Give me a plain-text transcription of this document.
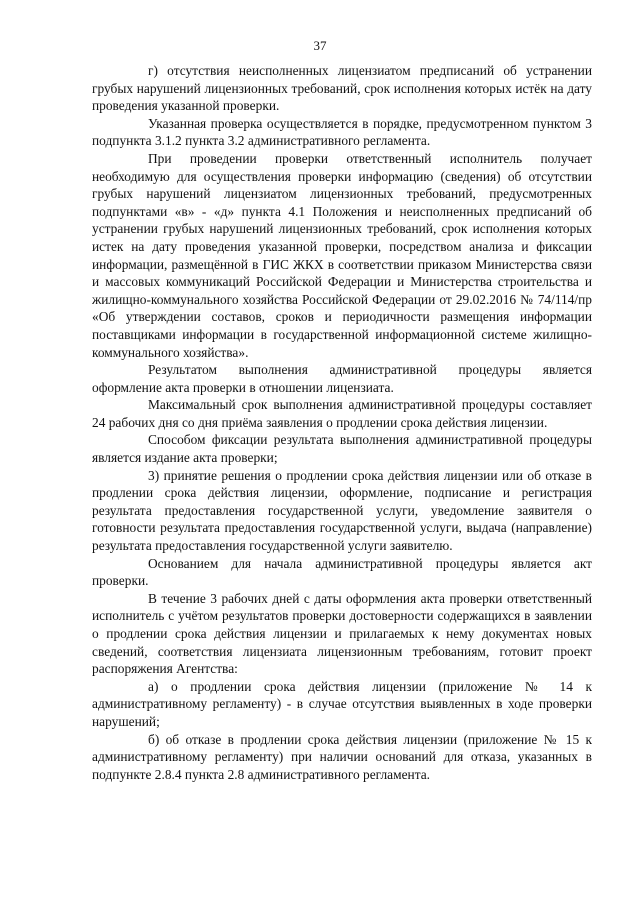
37

г) отсутствия неисполненных лицензиатом предписаний об устранении грубых нарушений лицензионных требований, срок исполнения которых истёк на дату проведения указанной проверки.

Указанная проверка осуществляется в порядке, предусмотренном пунктом 3 подпункта 3.1.2 пункта 3.2 административного регламента.

При проведении проверки ответственный исполнитель получает необходимую для осуществления проверки информацию (сведения) об отсутствии грубых нарушений лицензиатом лицензионных требований, предусмотренных подпунктами «в» - «д» пункта 4.1 Положения и неисполненных предписаний об устранении грубых нарушений лицензионных требований, срок исполнения которых истек на дату проведения указанной проверки, посредством анализа и фиксации информации, размещённой в ГИС ЖКХ в соответствии приказом Министерства связи и массовых коммуникаций Российской Федерации и Министерства строительства и жилищно-коммунального хозяйства Российской Федерации от 29.02.2016 № 74/114/пр «Об утверждении составов, сроков и периодичности размещения информации поставщиками информации в государственной информационной системе жилищно-коммунального хозяйства».

Результатом выполнения административной процедуры является оформление акта проверки в отношении лицензиата.

Максимальный срок выполнения административной процедуры составляет 24 рабочих дня со дня приёма заявления о продлении срока действия лицензии.

Способом фиксации результата выполнения административной процедуры является издание акта проверки;

3) принятие решения о продлении срока действия лицензии или об отказе в продлении срока действия лицензии, оформление, подписание и регистрация результата предоставления государственной услуги, уведомление заявителя о готовности результата предоставления государственной услуги, выдача (направление) результата предоставления государственной услуги заявителю.

Основанием для начала административной процедуры является акт проверки.

В течение 3 рабочих дней с даты оформления акта проверки ответственный исполнитель с учётом результатов проверки достоверности содержащихся в заявлении о продлении срока действия лицензии и прилагаемых к нему документах новых сведений, соответствия лицензиата лицензионным требованиям, готовит проект распоряжения Агентства:

а) о продлении срока действия лицензии (приложение № 14 к административному регламенту) - в случае отсутствия выявленных в ходе проверки нарушений;

б) об отказе в продлении срока действия лицензии (приложение № 15 к административному регламенту) при наличии оснований для отказа, указанных в подпункте 2.8.4 пункта 2.8 административного регламента.
